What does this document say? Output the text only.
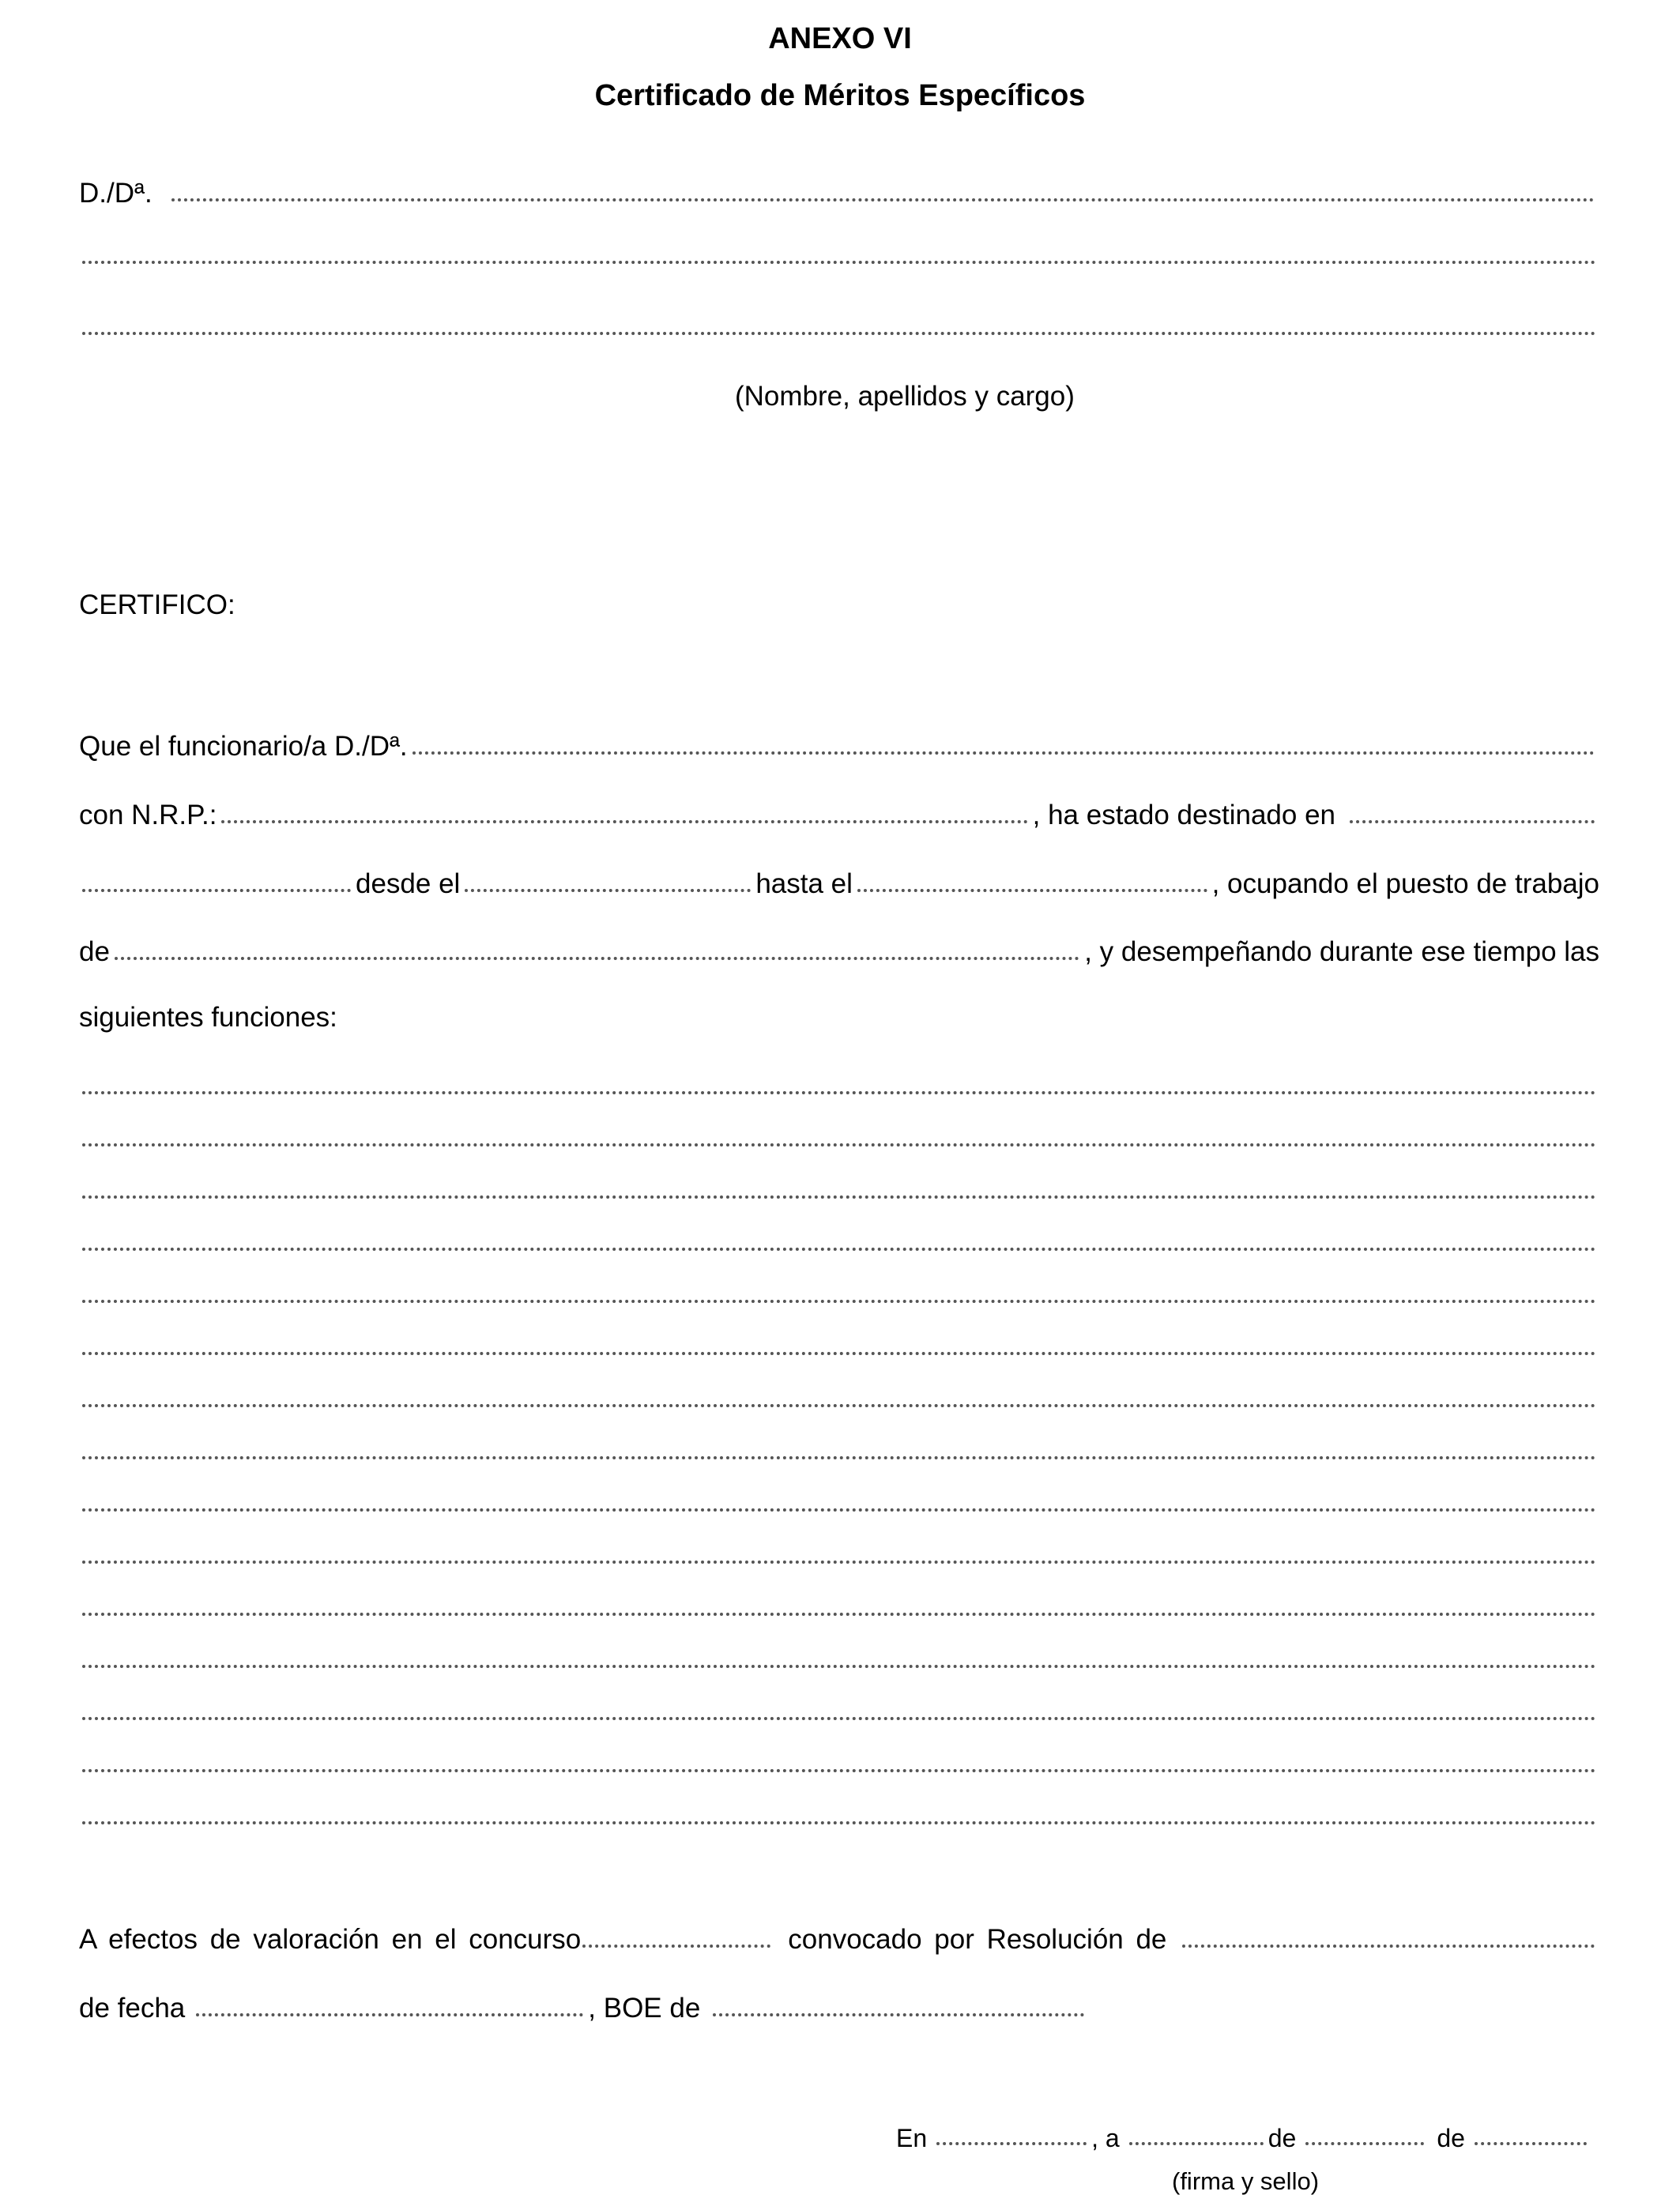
ANEXO VI
Certificado de Méritos Específicos
D./Dª.
(Nombre, apellidos y cargo)
CERTIFICO:
Que el funcionario/a D./Dª.
con N.R.P.:	, ha estado destinado en
desde el	hasta el	, ocupando el puesto de trabajo
de	, y desempeñando durante ese tiempo las
siguientes funciones:
A efectos de valoración en el concurso	convocado por Resolución de
de fecha	, BOE de
En	, a	de	de
(firma y sello)
